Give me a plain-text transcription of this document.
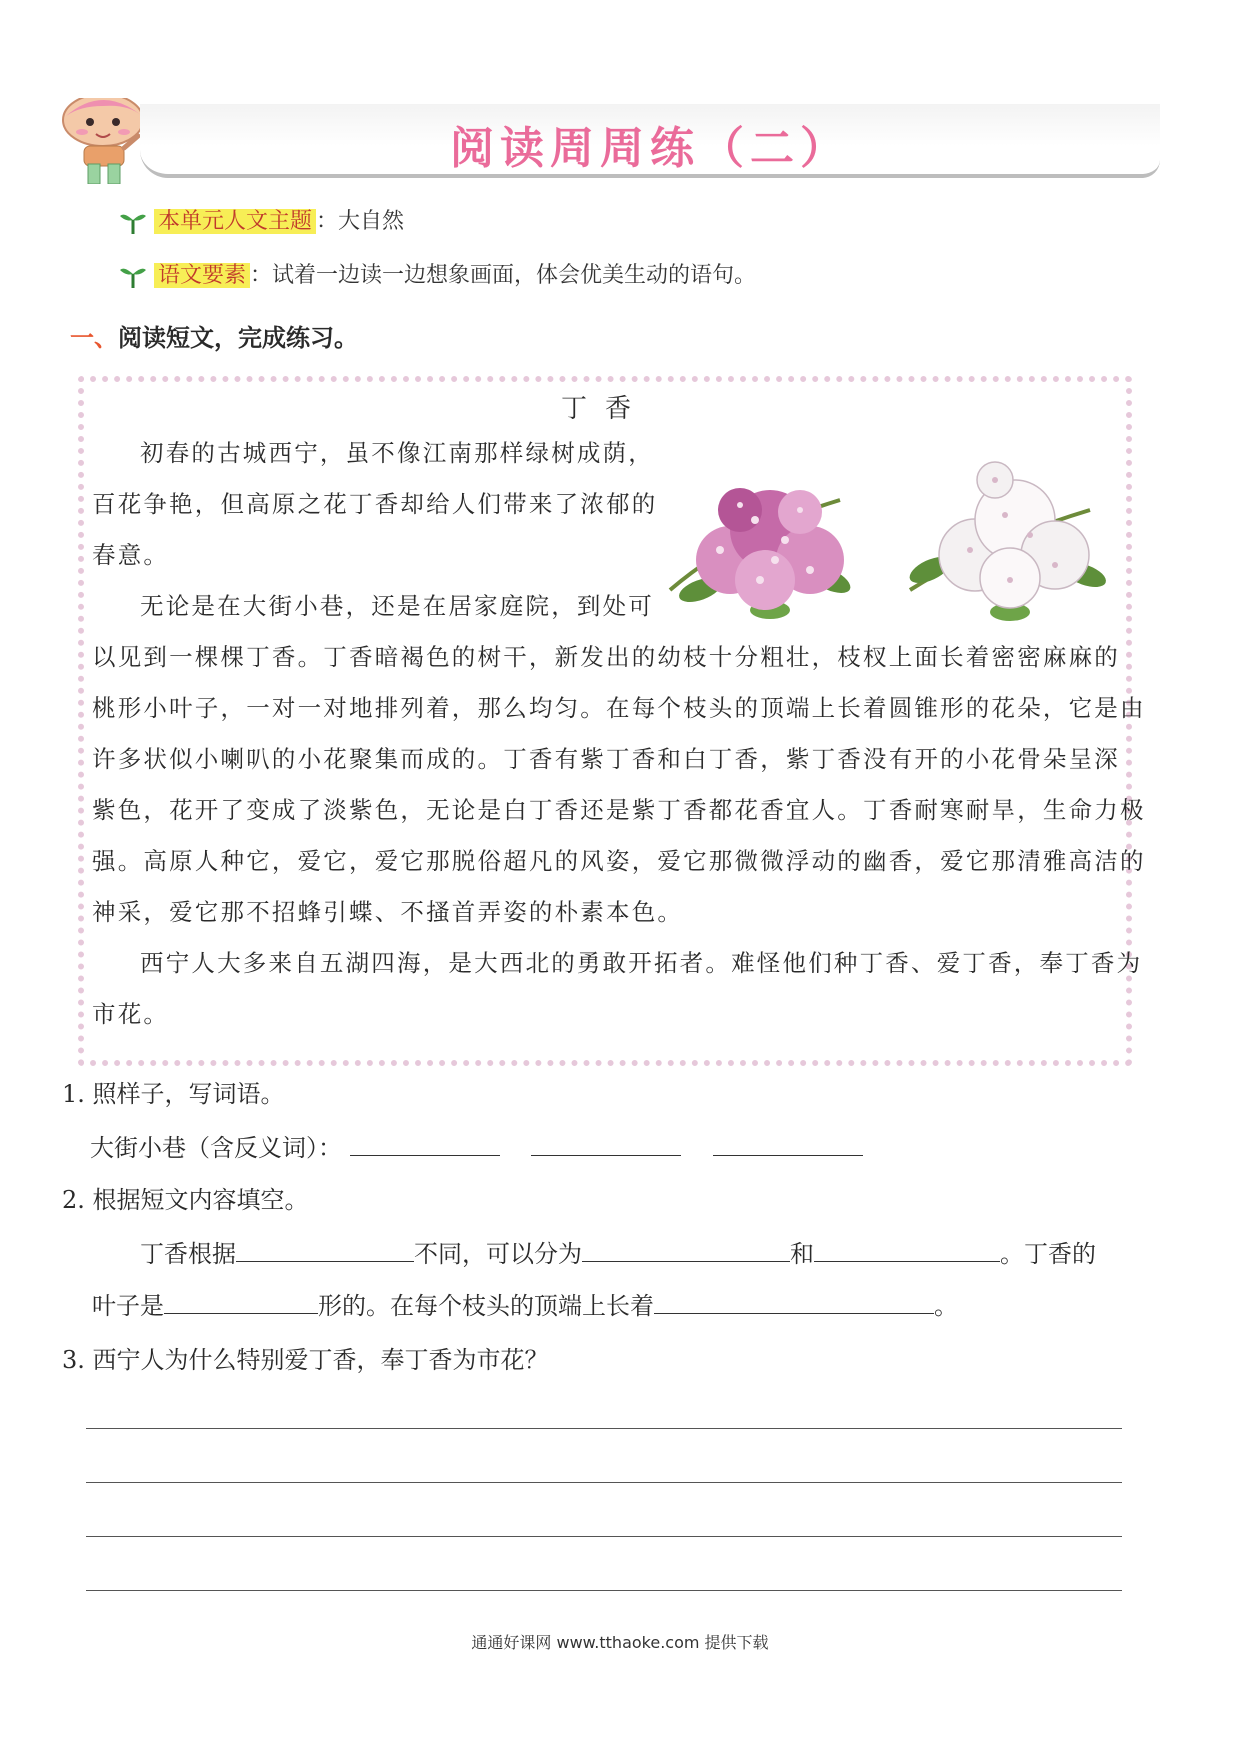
阅读周周练（二）
本单元人文主题 ：大自然
语文要素 ：试着一边读一边想象画面，体会优美生动的语句。
一、阅读短文，完成练习。
丁香
初春的古城西宁，虽不像江南那样绿树成荫，
百花争艳，但高原之花丁香却给人们带来了浓郁的
春意。
无论是在大街小巷，还是在居家庭院，到处可
以见到一棵棵丁香。丁香暗褐色的树干，新发出的幼枝十分粗壮，枝杈上面长着密密麻麻的
桃形小叶子，一对一对地排列着，那么均匀。在每个枝头的顶端上长着圆锥形的花朵，它是由
许多状似小喇叭的小花聚集而成的。丁香有紫丁香和白丁香，紫丁香没有开的小花骨朵呈深
紫色，花开了变成了淡紫色，无论是白丁香还是紫丁香都花香宜人。丁香耐寒耐旱，生命力极
强。高原人种它，爱它，爱它那脱俗超凡的风姿，爱它那微微浮动的幽香，爱它那清雅高洁的
神采，爱它那不招蜂引蝶、不搔首弄姿的朴素本色。
西宁人大多来自五湖四海，是大西北的勇敢开拓者。难怪他们种丁香、爱丁香，奉丁香为
市花。
1. 照样子，写词语。
大街小巷（含反义词）：
2. 根据短文内容填空。
丁香根据	不同，可以分为	和	。丁香的
叶子是	形的。在每个枝头的顶端上长着	。
3. 西宁人为什么特别爱丁香，奉丁香为市花？
通通好课网 www.tthaoke.com 提供下载
